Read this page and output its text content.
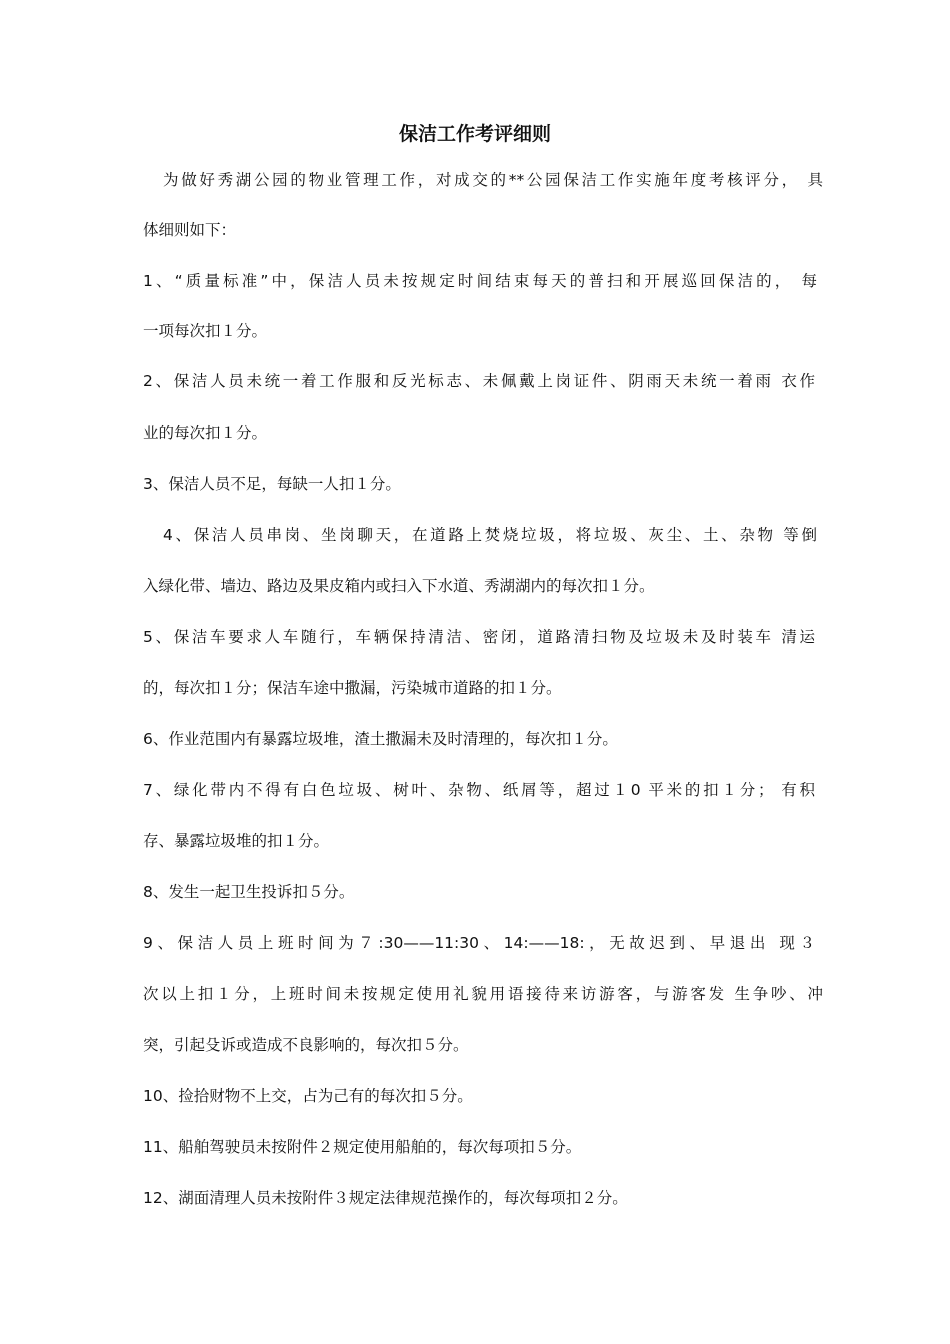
保洁工作考评细则
为做好秀湖公园的物业管理工作，对成交的**公园保洁工作实施年度考核评分， 具
体细则如下：
1、“质量标准”中，保洁人员未按规定时间结束每天的普扫和开展巡回保洁的， 每
一项每次扣１分。
2、保洁人员未统一着工作服和反光标志、未佩戴上岗证件、阴雨天未统一着雨 衣作
业的每次扣１分。
3、保洁人员不足，每缺一人扣１分。
4、保洁人员串岗、坐岗聊天，在道路上焚烧垃圾，将垃圾、灰尘、土、杂物 等倒
入绿化带、墙边、路边及果皮箱内或扫入下水道、秀湖湖内的每次扣１分。
5、保洁车要求人车随行，车辆保持清洁、密闭，道路清扫物及垃圾未及时装车 清运
的，每次扣１分；保洁车途中撒漏，污染城市道路的扣１分。
6、作业范围内有暴露垃圾堆，渣土撒漏未及时清理的，每次扣１分。
7、绿化带内不得有白色垃圾、树叶、杂物、纸屑等，超过１0 平米的扣１分； 有积
存、暴露垃圾堆的扣１分。
8、发生一起卫生投诉扣５分。
9、保洁人员上班时间为７:30——11:30、14:——18:，无故迟到、早退出 现３
次以上扣１分，上班时间未按规定使用礼貌用语接待来访游客，与游客发 生争吵、冲
突，引起殳诉或造成不良影响的，每次扣５分。
10、捡拾财物不上交，占为己有的每次扣５分。
11、船舶驾驶员未按附件２规定使用船舶的，每次每项扣５分。
12、湖面清理人员未按附件３规定法律规范操作的，每次每项扣２分。
